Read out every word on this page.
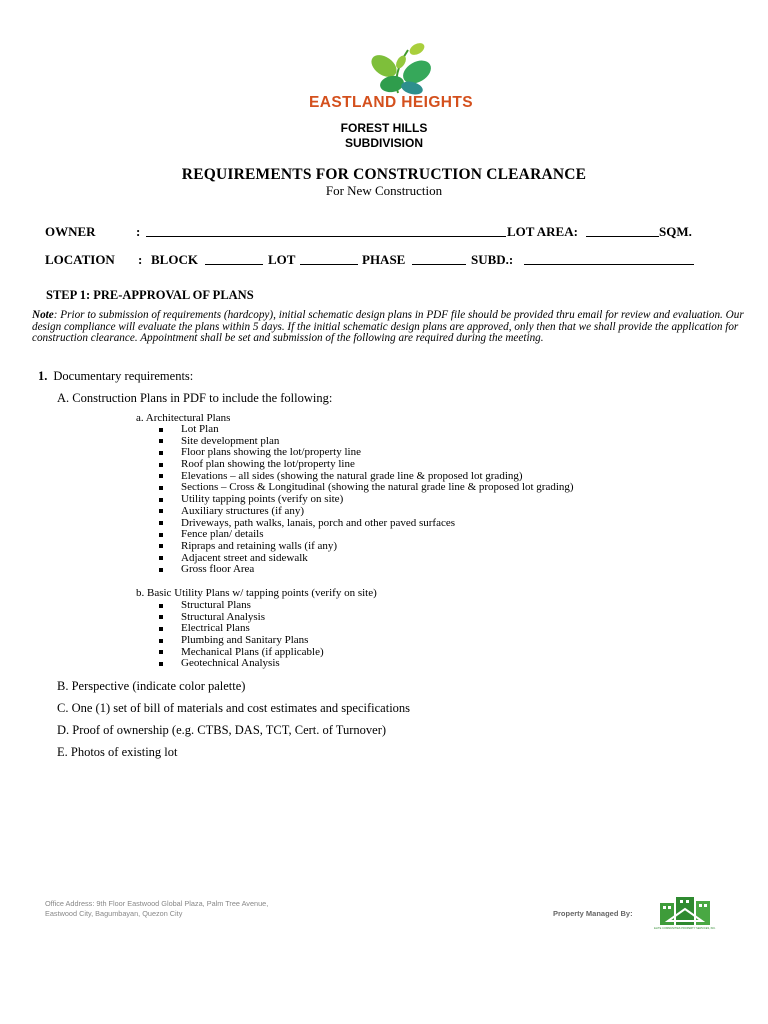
EASTLAND HEIGHTS
FOREST HILLS
SUBDIVISION
REQUIREMENTS FOR CONSTRUCTION CLEARANCE
For New Construction
OWNER	:	LOT AREA:	SQM.
LOCATION : BLOCK	LOT	PHASE	SUBD.:
STEP 1: PRE-APPROVAL OF PLANS
Note: Prior to submission of requirements (hardcopy), initial schematic design plans in PDF file should be provided thru email for review and evaluation. Our design compliance will evaluate the plans within 5 days. If the initial schematic design plans are approved, only then that we shall provide the application for construction clearance. Appointment shall be set and submission of the following are required during the meeting.
1. Documentary requirements:
A. Construction Plans in PDF to include the following:
a. Architectural Plans
Lot Plan
Site development plan
Floor plans showing the lot/property line
Roof plan showing the lot/property line
Elevations – all sides (showing the natural grade line & proposed lot grading)
Sections – Cross & Longitudinal (showing the natural grade line & proposed lot grading)
Utility tapping points (verify on site)
Auxiliary structures (if any)
Driveways, path walks, lanais, porch and other paved surfaces
Fence plan/ details
Ripraps and retaining walls (if any)
Adjacent street and sidewalk
Gross floor Area
b. Basic Utility Plans w/ tapping points (verify on site)
Structural Plans
Structural Analysis
Electrical Plans
Plumbing and Sanitary Plans
Mechanical Plans (if applicable)
Geotechnical Analysis
B. Perspective (indicate color palette)
C. One (1) set of bill of materials and cost estimates and specifications
D. Proof of ownership (e.g. CTBS, DAS, TCT, Cert. of Turnover)
E. Photos of existing lot
Office Address: 9th Floor Eastwood Global Plaza, Palm Tree Avenue,
Eastwood City, Bagumbayan, Quezon City	Property Managed By:
ELITE COMMUNITIES PROPERTY SERVICES, INC.
